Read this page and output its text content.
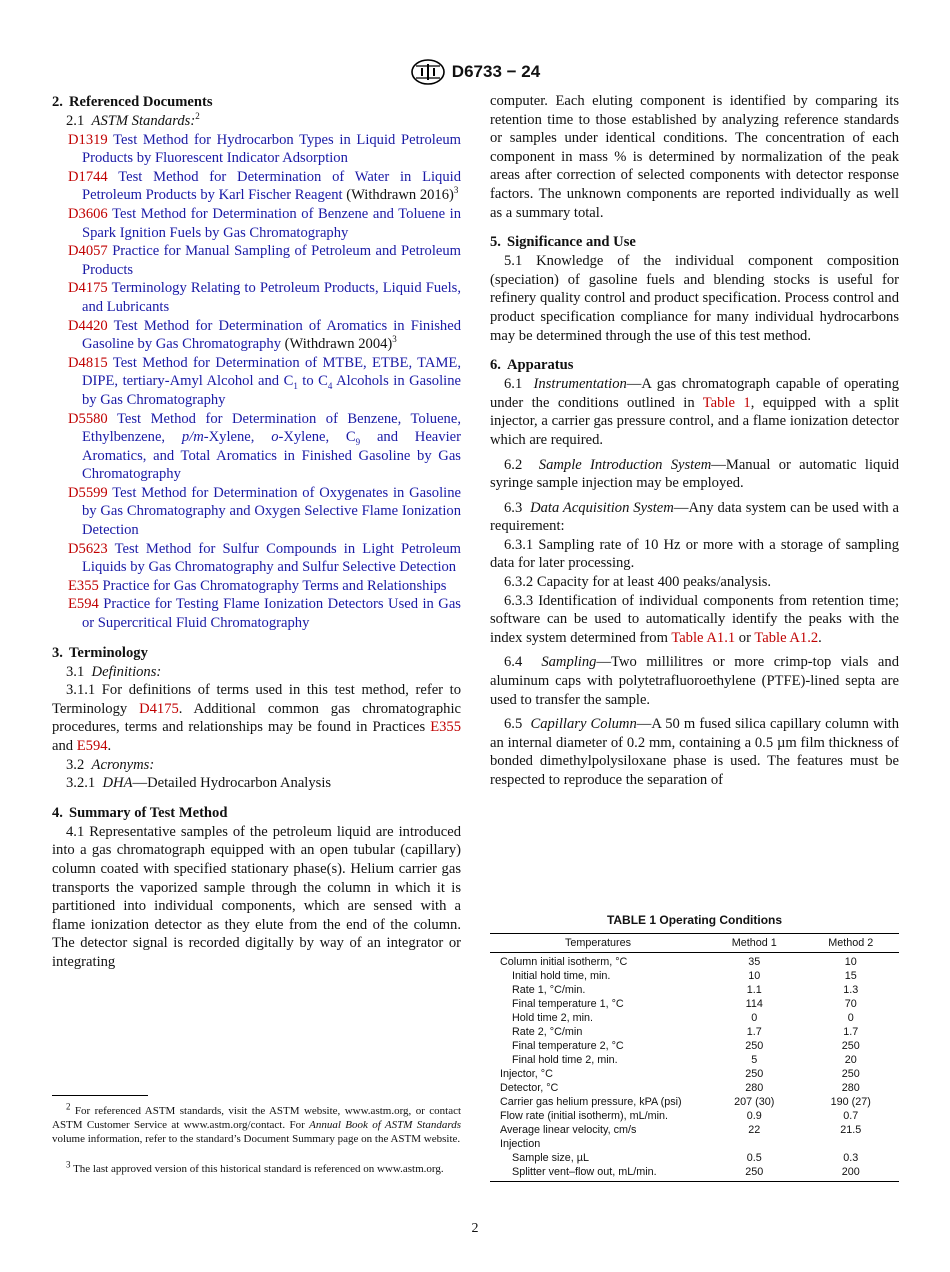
D6733 − 24
2. Referenced Documents

2.1 ASTM Standards:$^2$

D1319 Test Method for Hydrocarbon Types in Liquid Petroleum Products by Fluorescent Indicator Adsorption

D1744 Test Method for Determination of Water in Liquid Petroleum Products by Karl Fischer Reagent (Withdrawn 2016)$^3$

D3606 Test Method for Determination of Benzene and Toluene in Spark Ignition Fuels by Gas Chromatography

D4057 Practice for Manual Sampling of Petroleum and Petroleum Products

D4175 Terminology Relating to Petroleum Products, Liquid Fuels, and Lubricants

D4420 Test Method for Determination of Aromatics in Finished Gasoline by Gas Chromatography (Withdrawn 2004)$^3$

D4815 Test Method for Determination of MTBE, ETBE, TAME, DIPE, tertiary-Amyl Alcohol and $C_1$ to $C_4$ Alcohols in Gasoline by Gas Chromatography

D5580 Test Method for Determination of Benzene, Toluene, Ethylbenzene, p/m-Xylene, o-Xylene, $C_9$ and Heavier Aromatics, and Total Aromatics in Finished Gasoline by Gas Chromatography

D5599 Test Method for Determination of Oxygenates in Gasoline by Gas Chromatography and Oxygen Selective Flame Ionization Detection

D5623 Test Method for Sulfur Compounds in Light Petroleum Liquids by Gas Chromatography and Sulfur Selective Detection

E355 Practice for Gas Chromatography Terms and Relationships

E594 Practice for Testing Flame Ionization Detectors Used in Gas or Supercritical Fluid Chromatography

3. Terminology

3.1 Definitions:

3.1.1 For definitions of terms used in this test method, refer to Terminology D4175. Additional common gas chromatographic procedures, terms and relationships may be found in Practices E355 and E594.

3.2 Acronyms:

3.2.1 DHA—Detailed Hydrocarbon Analysis

4. Summary of Test Method

4.1 Representative samples of the petroleum liquid are introduced into a gas chromatograph equipped with an open tubular (capillary) column coated with specified stationary phase(s). Helium carrier gas transports the vaporized sample through the column in which it is partitioned into individual components, which are sensed with a flame ionization detector as they elute from the end of the column. The detector signal is recorded digitally by way of an integrator or integrating

computer. Each eluting component is identified by comparing its retention time to those established by analyzing reference standards or samples under identical conditions. The concentration of each component in mass % is determined by normalization of the peak areas after correction of selected components with detector response factors. The unknown components are reported individually as well as a summary total.

5. Significance and Use

5.1 Knowledge of the individual component composition (speciation) of gasoline fuels and blending stocks is useful for refinery quality control and product specification. Process control and product specification compliance for many individual hydrocarbons may be determined through the use of this test method.

6. Apparatus

6.1 Instrumentation—A gas chromatograph capable of operating under the conditions outlined in Table 1, equipped with a split injector, a carrier gas pressure control, and a flame ionization detector which are required.

6.2 Sample Introduction System—Manual or automatic liquid syringe sample injection may be employed.

6.3 Data Acquisition System—Any data system can be used with a requirement:

6.3.1 Sampling rate of 10 Hz or more with a storage of sampling data for later processing.

6.3.2 Capacity for at least 400 peaks/analysis.

6.3.3 Identification of individual components from retention time; software can be used to automatically identify the peaks with the index system determined from Table A1.1 or Table A1.2.

6.4 Sampling—Two millilitres or more crimp-top vials and aluminum caps with polytetrafluoroethylene (PTFE)-lined septa are used to transfer the sample.

6.5 Capillary Column—A 50 m fused silica capillary column with an internal diameter of 0.2 mm, containing a 0.5 µm film thickness of bonded dimethylpolysiloxane phase is used. The features must be respected to reproduce the separation of

TABLE 1 Operating Conditions
Temperatures	Method 1	Method 2
Column initial isotherm, °C	35	10
Initial hold time, min.	10	15
Rate 1, °C/min.	1.1	1.3
Final temperature 1, °C	114	70
Hold time 2, min.	0	0
Rate 2, °C/min	1.7	1.7
Final temperature 2, °C	250	250
Final hold time 2, min.	5	20
Injector, °C	250	250
Detector, °C	280	280
Carrier gas helium pressure, kPA (psi)	207 (30)	190 (27)
Flow rate (initial isotherm), mL/min.	0.9	0.7
Average linear velocity, cm/s	22	21.5
Injection		
Sample size, µL	0.5	0.3
Splitter vent–flow out, mL/min.	250	200

$^2$ For referenced ASTM standards, visit the ASTM website, www.astm.org, or contact ASTM Customer Service at www.astm.org/contact. For Annual Book of ASTM Standards volume information, refer to the standard’s Document Summary page on the ASTM website.

$^3$ The last approved version of this historical standard is referenced on www.astm.org.

2
